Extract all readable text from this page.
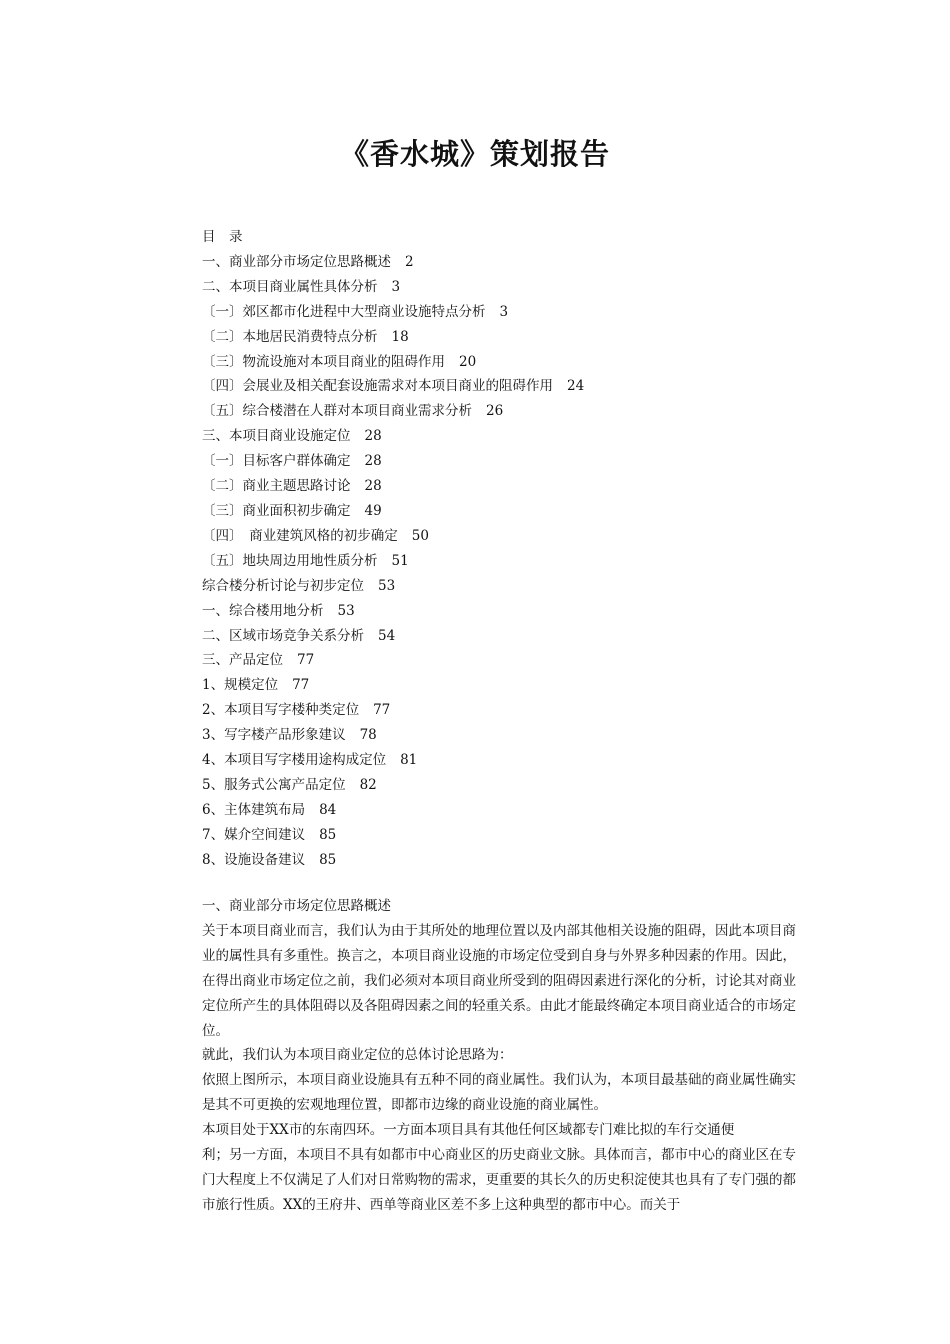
《香水城》策划报告
目　录
一、商业部分市场定位思路概述 2
二、本项目商业属性具体分析 3
〔一〕郊区都市化进程中大型商业设施特点分析 3
〔二〕本地居民消费特点分析 18
〔三〕物流设施对本项目商业的阻碍作用 20
〔四〕会展业及相关配套设施需求对本项目商业的阻碍作用 24
〔五〕综合楼潜在人群对本项目商业需求分析 26
三、本项目商业设施定位 28
〔一〕目标客户群体确定 28
〔二〕商业主题思路讨论 28
〔三〕商业面积初步确定 49
〔四〕　商业建筑风格的初步确定 50
〔五〕地块周边用地性质分析 51
综合楼分析讨论与初步定位 53
一、综合楼用地分析 53
二、区域市场竞争关系分析 54
三、产品定位 77
1、规模定位 77
2、本项目写字楼种类定位 77
3、写字楼产品形象建议 78
4、本项目写字楼用途构成定位 81
5、服务式公寓产品定位 82
6、主体建筑布局 84
7、媒介空间建议 85
8、设施设备建议 85
一、商业部分市场定位思路概述
关于本项目商业而言，我们认为由于其所处的地理位置以及内部其他相关设施的阻碍，因此本项目商业的属性具有多重性。换言之，本项目商业设施的市场定位受到自身与外界多种因素的作用。因此，在得出商业市场定位之前，我们必须对本项目商业所受到的阻碍因素进行深化的分析，讨论其对商业定位所产生的具体阻碍以及各阻碍因素之间的轻重关系。由此才能最终确定本项目商业适合的市场定位。
就此，我们认为本项目商业定位的总体讨论思路为：
依照上图所示，本项目商业设施具有五种不同的商业属性。我们认为，本项目最基础的商业属性确实是其不可更换的宏观地理位置，即都市边缘的商业设施的商业属性。
本项目处于XX市的东南四环。一方面本项目具有其他任何区域都专门难比拟的车行交通便
利；另一方面，本项目不具有如都市中心商业区的历史商业文脉。具体而言，都市中心的商业区在专门大程度上不仅满足了人们对日常购物的需求，更重要的其长久的历史积淀使其也具有了专门强的都市旅行性质。XX的王府井、西单等商业区差不多上这种典型的都市中心。而关于
